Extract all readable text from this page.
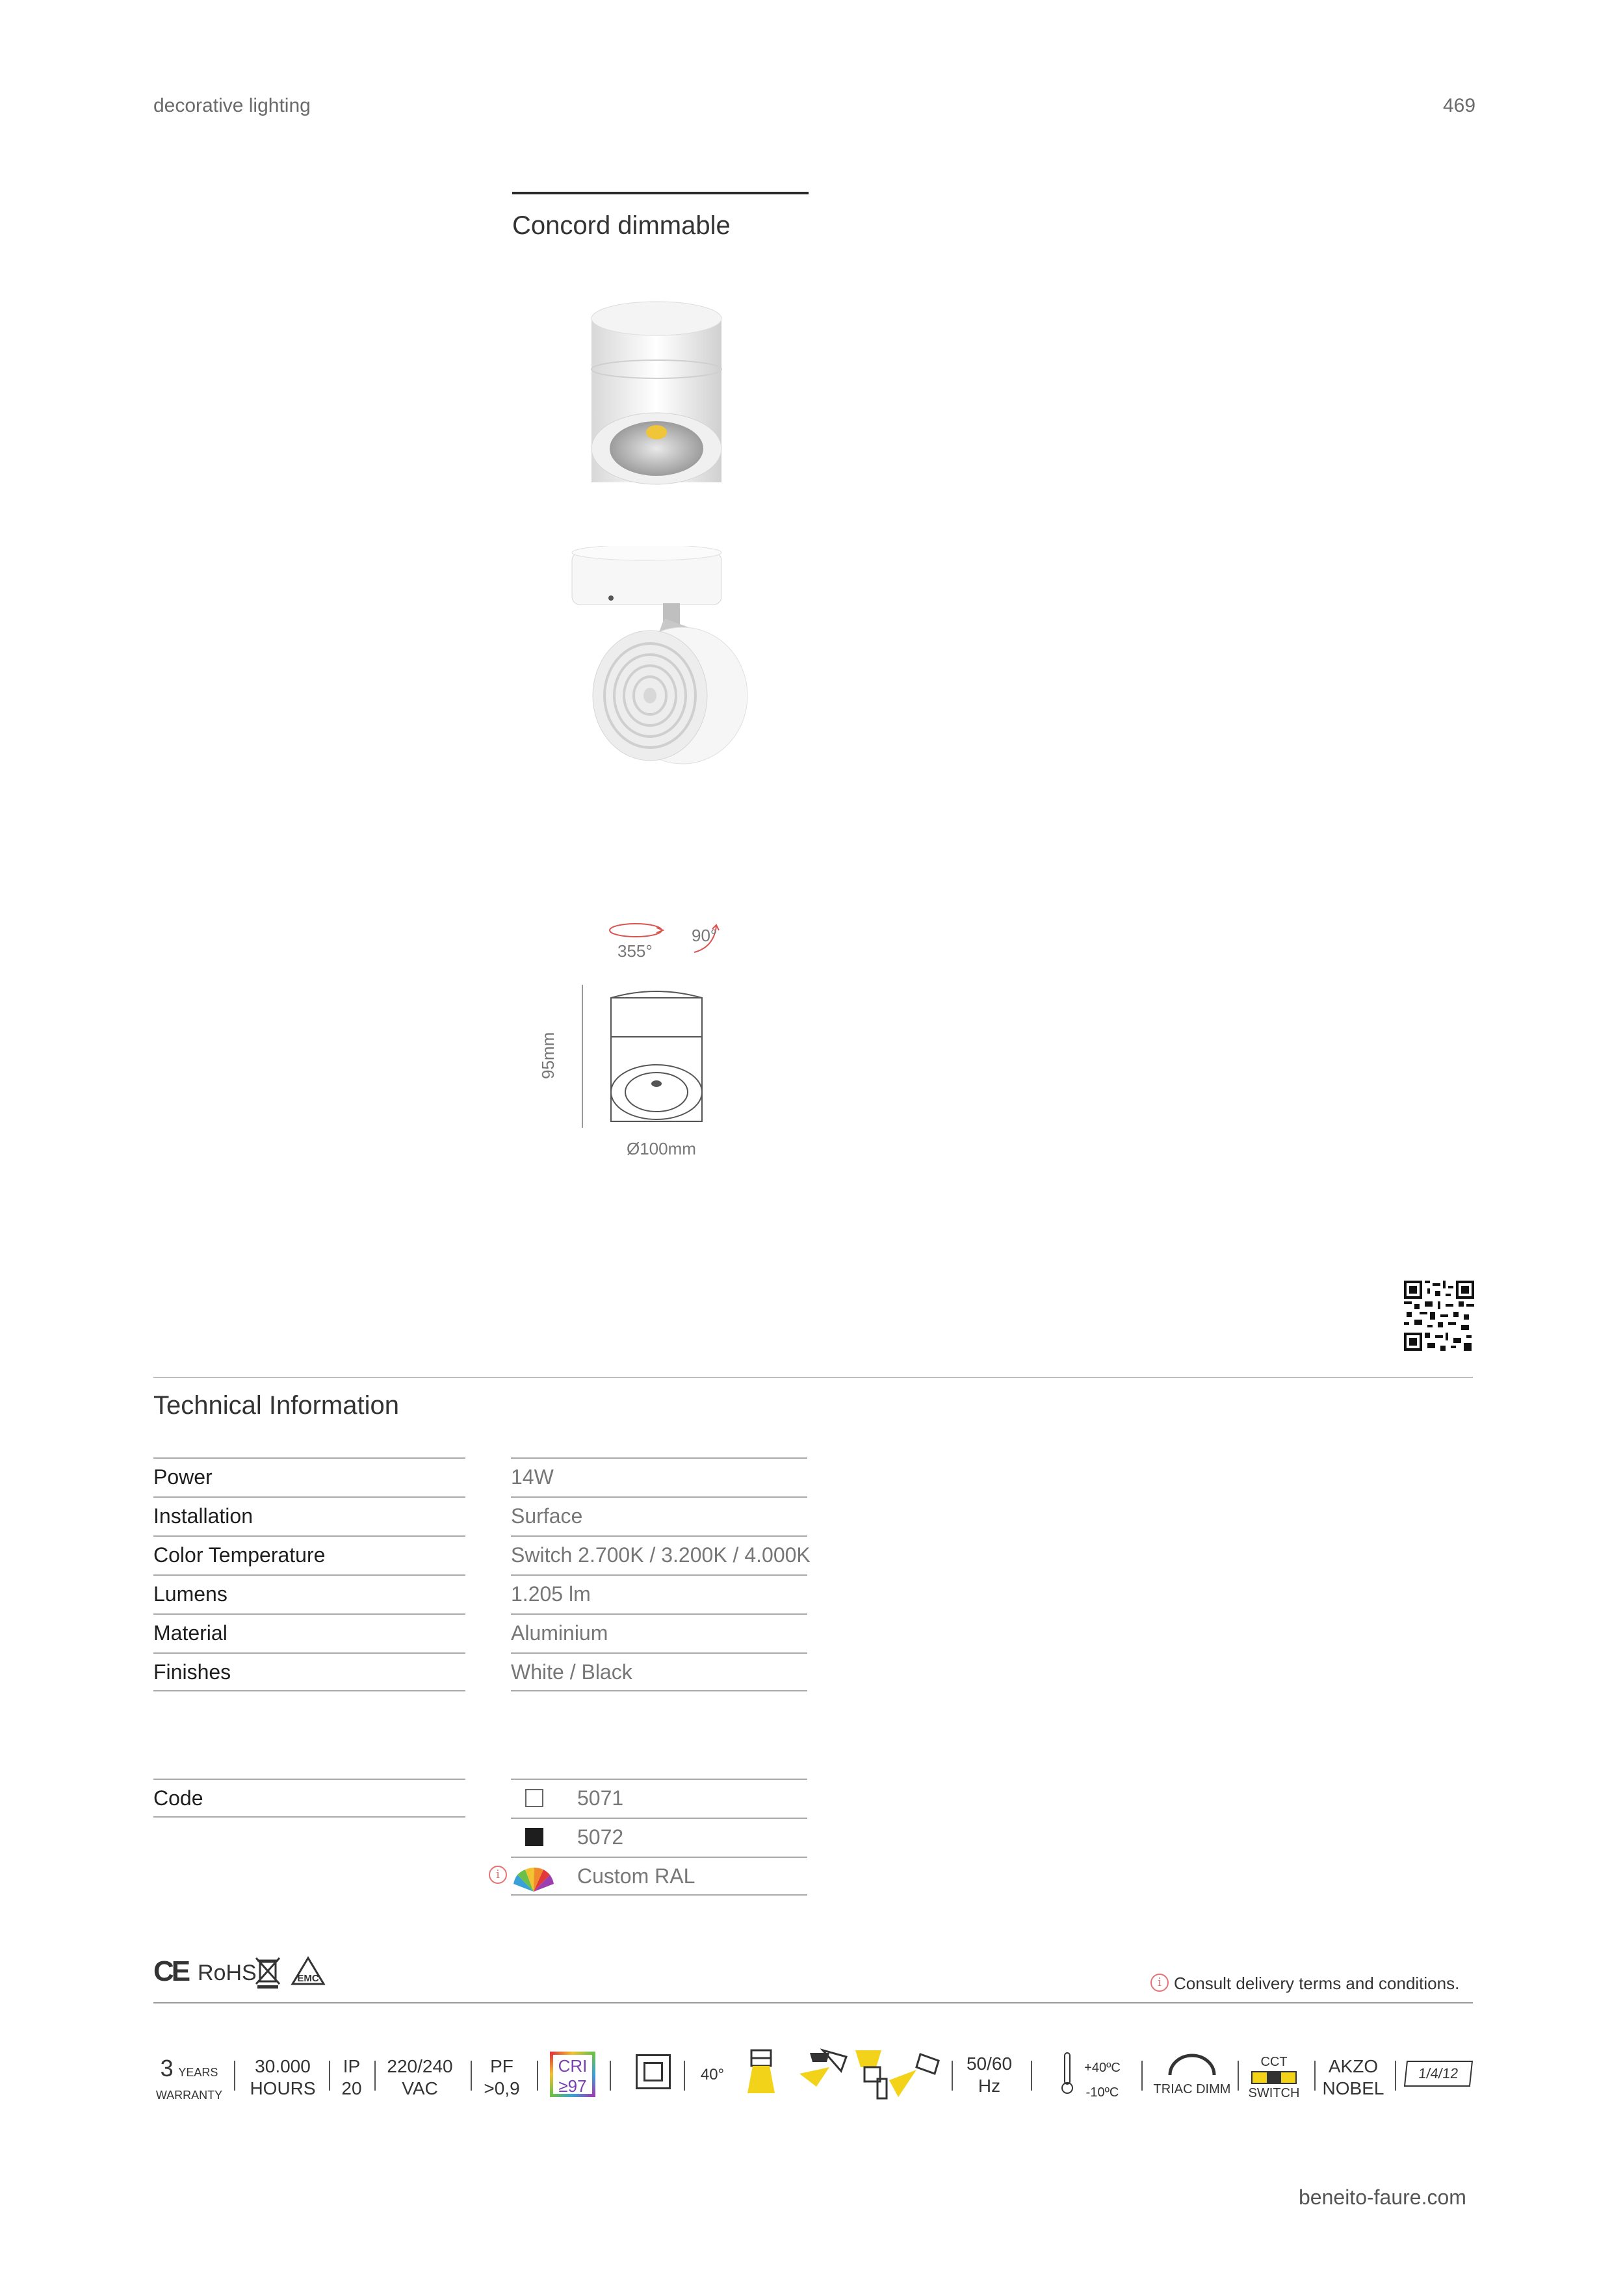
decorative lighting	469
Concord dimmable
355°
90°
95mm
Ø100mm
Technical Information
Power	14W
Installation	Surface
Color Temperature	Switch 2.700K / 3.200K / 4.000K
Lumens	1.205 lm
Material	Aluminium
Finishes	White / Black
Code	5071
5072
Custom RAL
i
CE RoHS	EMC	i Consult delivery terms and conditions.
3 YEARS
WARRANTY
30.000
HOURS
IP
20
220/240
VAC
PF
>0,9
CRI
≥97
40°
50/60
Hz
+40ºC
-10ºC	TRIAC DIMM
CCT
SWITCH
AKZO
NOBEL
1/4/12
beneito-faure.com
